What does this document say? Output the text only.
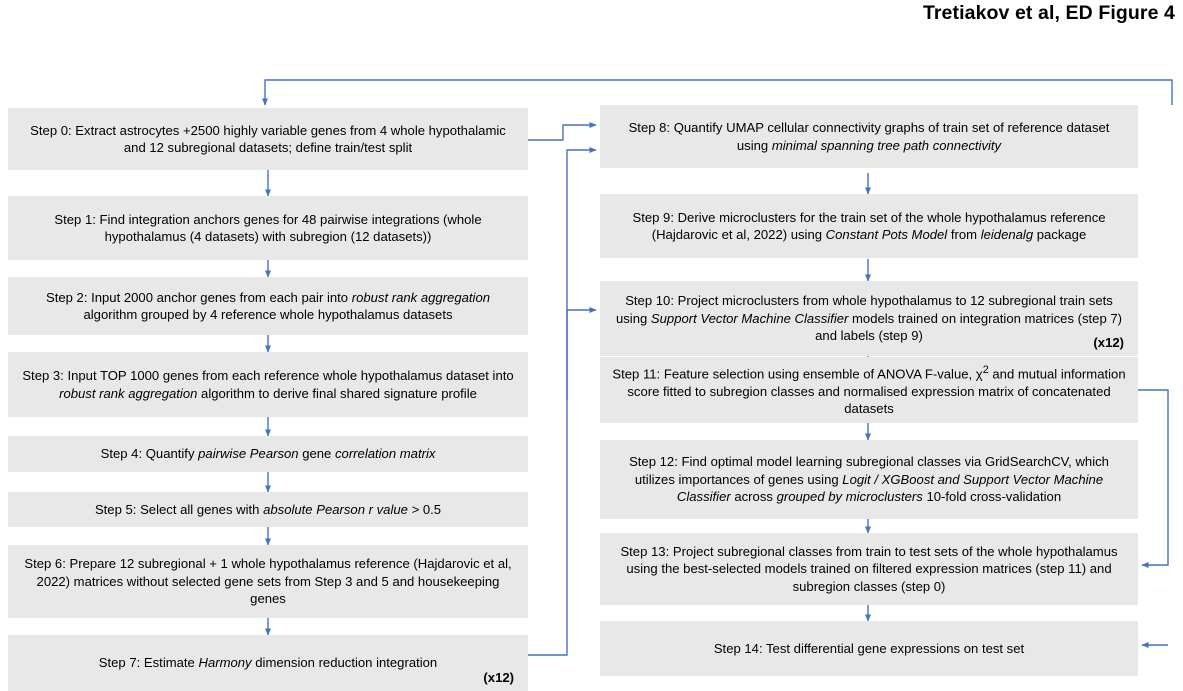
Tretiakov et al, ED Figure 4
Step 0: Extract astrocytes +2500 highly variable genes from 4 whole hypothalamic and 12 subregional datasets; define train/test split
Step 1: Find integration anchors genes for 48 pairwise integrations (whole hypothalamus (4 datasets) with subregion (12 datasets))
Step 2: Input 2000 anchor genes from each pair into robust rank aggregation algorithm grouped by 4 reference whole hypothalamus datasets
Step 3: Input TOP 1000 genes from each reference whole hypothalamus dataset into robust rank aggregation algorithm to derive final shared signature profile
Step 4: Quantify pairwise Pearson gene correlation matrix
Step 5: Select all genes with absolute Pearson r value > 0.5
Step 6: Prepare 12 subregional + 1 whole hypothalamus reference (Hajdarovic et al, 2022) matrices without selected gene sets from Step 3 and 5 and housekeeping genes
Step 7: Estimate Harmony dimension reduction integration
(x12)
Step 8: Quantify UMAP cellular connectivity graphs of train set of reference dataset using minimal spanning tree path connectivity
Step 9: Derive microclusters for the train set of the whole hypothalamus reference (Hajdarovic et al, 2022) using Constant Pots Model from leidenalg package
Step 10: Project microclusters from whole hypothalamus to 12 subregional train sets using Support Vector Machine Classifier models trained on integration matrices (step 7) and labels (step 9)	(x12)
Step 11: Feature selection using ensemble of ANOVA F-value, $\chi^2$ and mutual information score fitted to subregion classes and normalised expression matrix of concatenated datasets
Step 12: Find optimal model learning subregional classes via GridSearchCV, which utilizes importances of genes using Logit / XGBoost and Support Vector Machine Classifier across grouped by microclusters 10-fold cross-validation
Step 13: Project subregional classes from train to test sets of the whole hypothalamus using the best-selected models trained on filtered expression matrices (step 11) and subregion classes (step 0)
Step 14: Test differential gene expressions on test set
